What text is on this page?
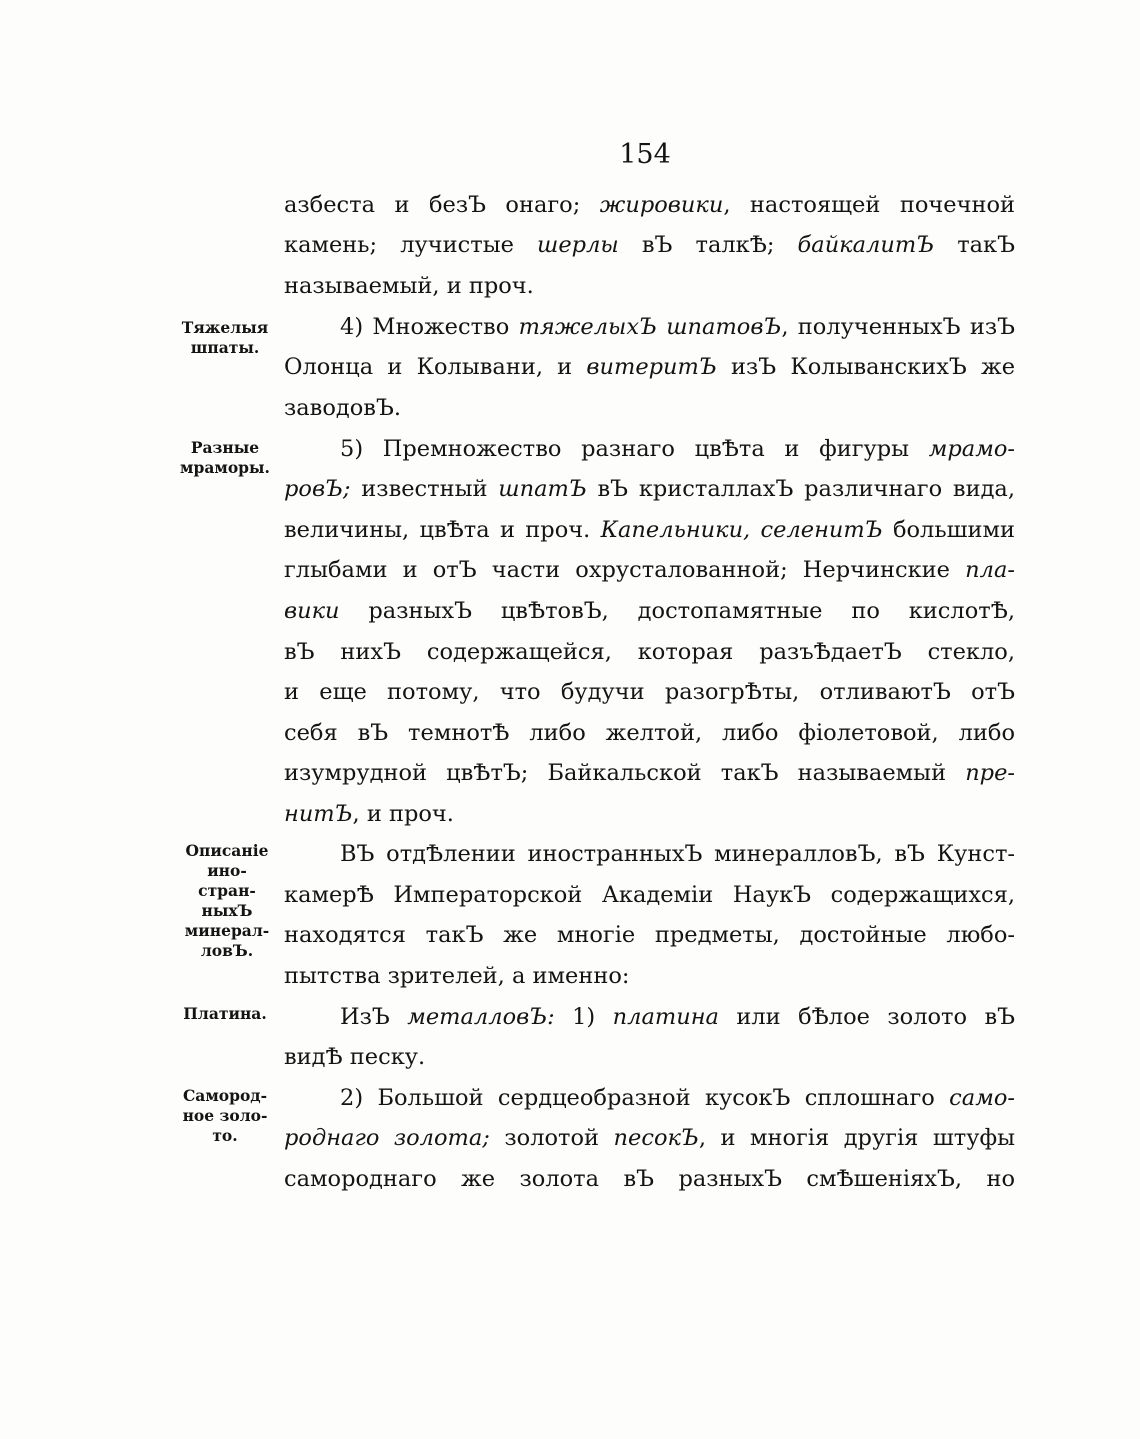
154
азбеста и безЪ онаго; жировики, настоящей почечной
камень; лучистые шерлы вЪ талкѢ; байкалитЪ такЪ
называемый, и проч.
4) Множество тяжелыхЪ шпатовЪ, полученныхЪ изЪ
Олонца и Колывани, и витеритЪ изЪ КолыванскихЪ же
заводовЪ.
5) Премножество разнаго цвѢта и фигуры мрамо-
ровЪ; известный шпатЪ вЪ кристаллахЪ различнаго вида,
величины, цвѢта и проч. Капельники, селенитЪ большими
глыбами и отЪ части охрусталованной; Нерчинские пла-
вики разныхЪ цвѢтовЪ, достопамятные по кислотѢ,
вЪ нихЪ содержащейся, которая разъѢдаетЪ стекло,
и еще потому, что будучи разогрѢты, отливаютЪ отЪ
себя вЪ темнотѢ либо желтой, либо фіолетовой, либо
изумрудной цвѢтЪ; Байкальской такЪ называемый пре-
нитЪ, и проч.
ВЪ отдѢлении иностранныхЪ минералловЪ, вЪ Кунст-
камерѢ Императорской Академіи НаукЪ содержащихся,
находятся такЪ же многіе предметы, достойные любо-
пытства зрителей, а именно:
ИзЪ металловЪ: 1) платина или бѢлое золото вЪ
видѢ песку.
2) Большой сердцеобразной кусокЪ сплошнаго само-
роднаго золота; золотой песокЪ, и многія другія штуфы
самороднаго же золота вЪ разныхЪ смѢшеніяхЪ, но
Тяжелыя
шпаты.
Разные
мраморы.
Описаніе
ино-
стран-
ныхЪ
минерал-
ловЪ.
Платина.
Самород-
ное золо-
то.
